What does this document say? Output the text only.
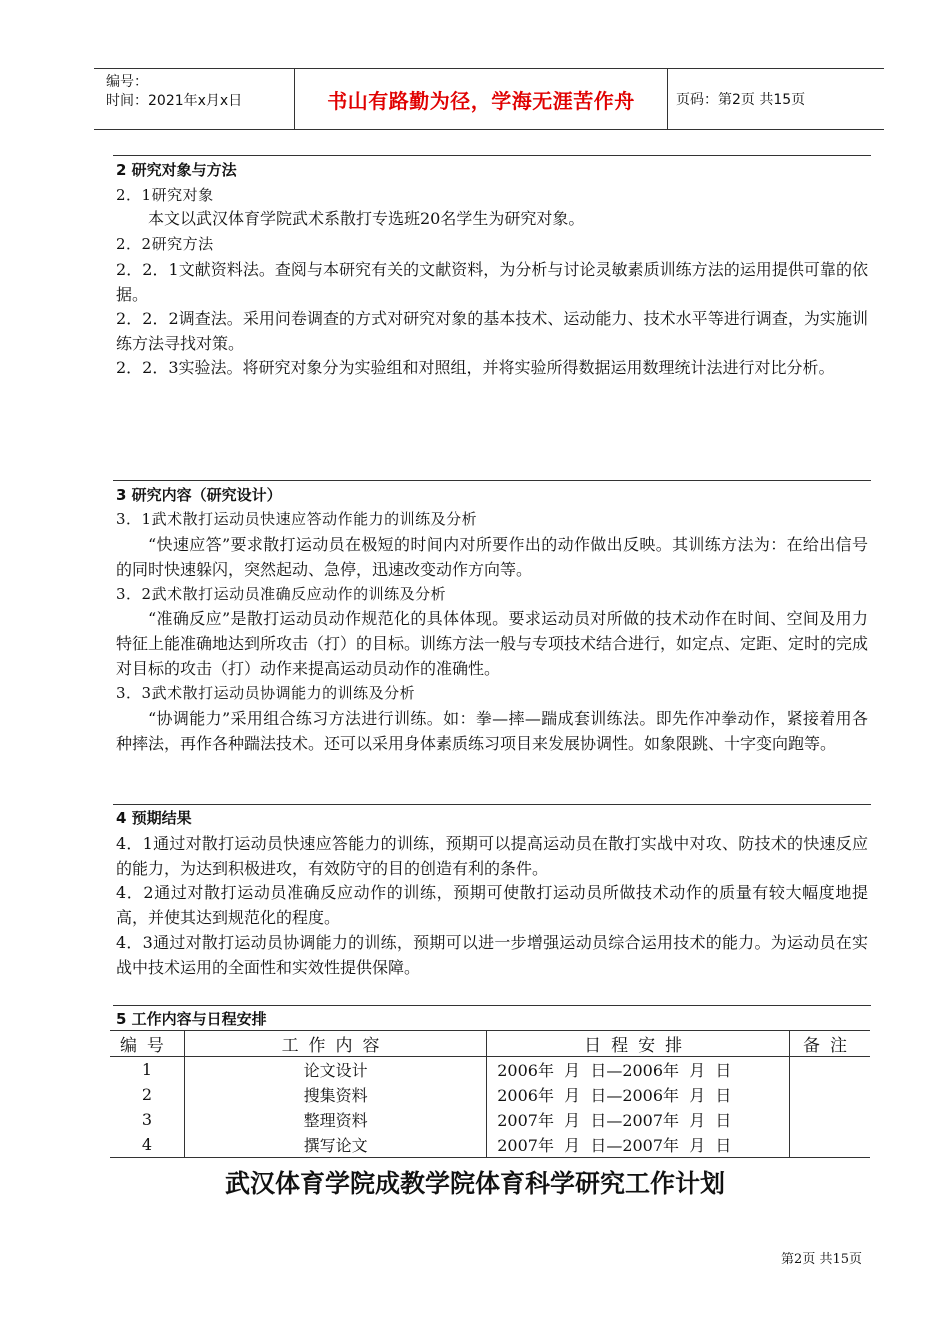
编号：
时间：2021年x月x日	书山有路勤为径，学海无涯苦作舟	页码：第2页 共15页
2 研究对象与方法
2．1研究对象
本文以武汉体育学院武术系散打专选班20名学生为研究对象。
2．2研究方法
2．2．1文献资料法。查阅与本研究有关的文献资料，为分析与讨论灵敏素质训练方法的运用提供可靠的依据。
2．2．2调查法。采用问卷调查的方式对研究对象的基本技术、运动能力、技术水平等进行调查，为实施训练方法寻找对策。
2．2．3实验法。将研究对象分为实验组和对照组，并将实验所得数据运用数理统计法进行对比分析。
3 研究内容（研究设计）
3．1武术散打运动员快速应答动作能力的训练及分析
“快速应答”要求散打运动员在极短的时间内对所要作出的动作做出反映。其训练方法为：在给出信号的同时快速躲闪，突然起动、急停，迅速改变动作方向等。
3．2武术散打运动员准确反应动作的训练及分析
“准确反应”是散打运动员动作规范化的具体体现。要求运动员对所做的技术动作在时间、空间及用力特征上能准确地达到所攻击（打）的目标。训练方法一般与专项技术结合进行，如定点、定距、定时的完成对目标的攻击（打）动作来提高运动员动作的准确性。
3．3武术散打运动员协调能力的训练及分析
“协调能力”采用组合练习方法进行训练。如：拳—摔—踹成套训练法。即先作冲拳动作，紧接着用各种摔法，再作各种踹法技术。还可以采用身体素质练习项目来发展协调性。如象限跳、十字变向跑等。
4 预期结果
4．1通过对散打运动员快速应答能力的训练，预期可以提高运动员在散打实战中对攻、防技术的快速反应的能力，为达到积极进攻，有效防守的目的创造有利的条件。
4．2通过对散打运动员准确反应动作的训练，预期可使散打运动员所做技术动作的质量有较大幅度地提高，并使其达到规范化的程度。
4．3通过对散打运动员协调能力的训练，预期可以进一步增强运动员综合运用技术的能力。为运动员在实战中技术运用的全面性和实效性提供保障。
5 工作内容与日程安排
编号	工作内容	日程安排	备注
1	论文设计	2006年  月  日—2006年  月  日	
2	搜集资料	2006年  月  日—2006年  月  日	
3	整理资料	2007年  月  日—2007年  月  日	
4	撰写论文	2007年  月  日—2007年  月  日	
武汉体育学院成教学院体育科学研究工作计划
第2页 共15页
